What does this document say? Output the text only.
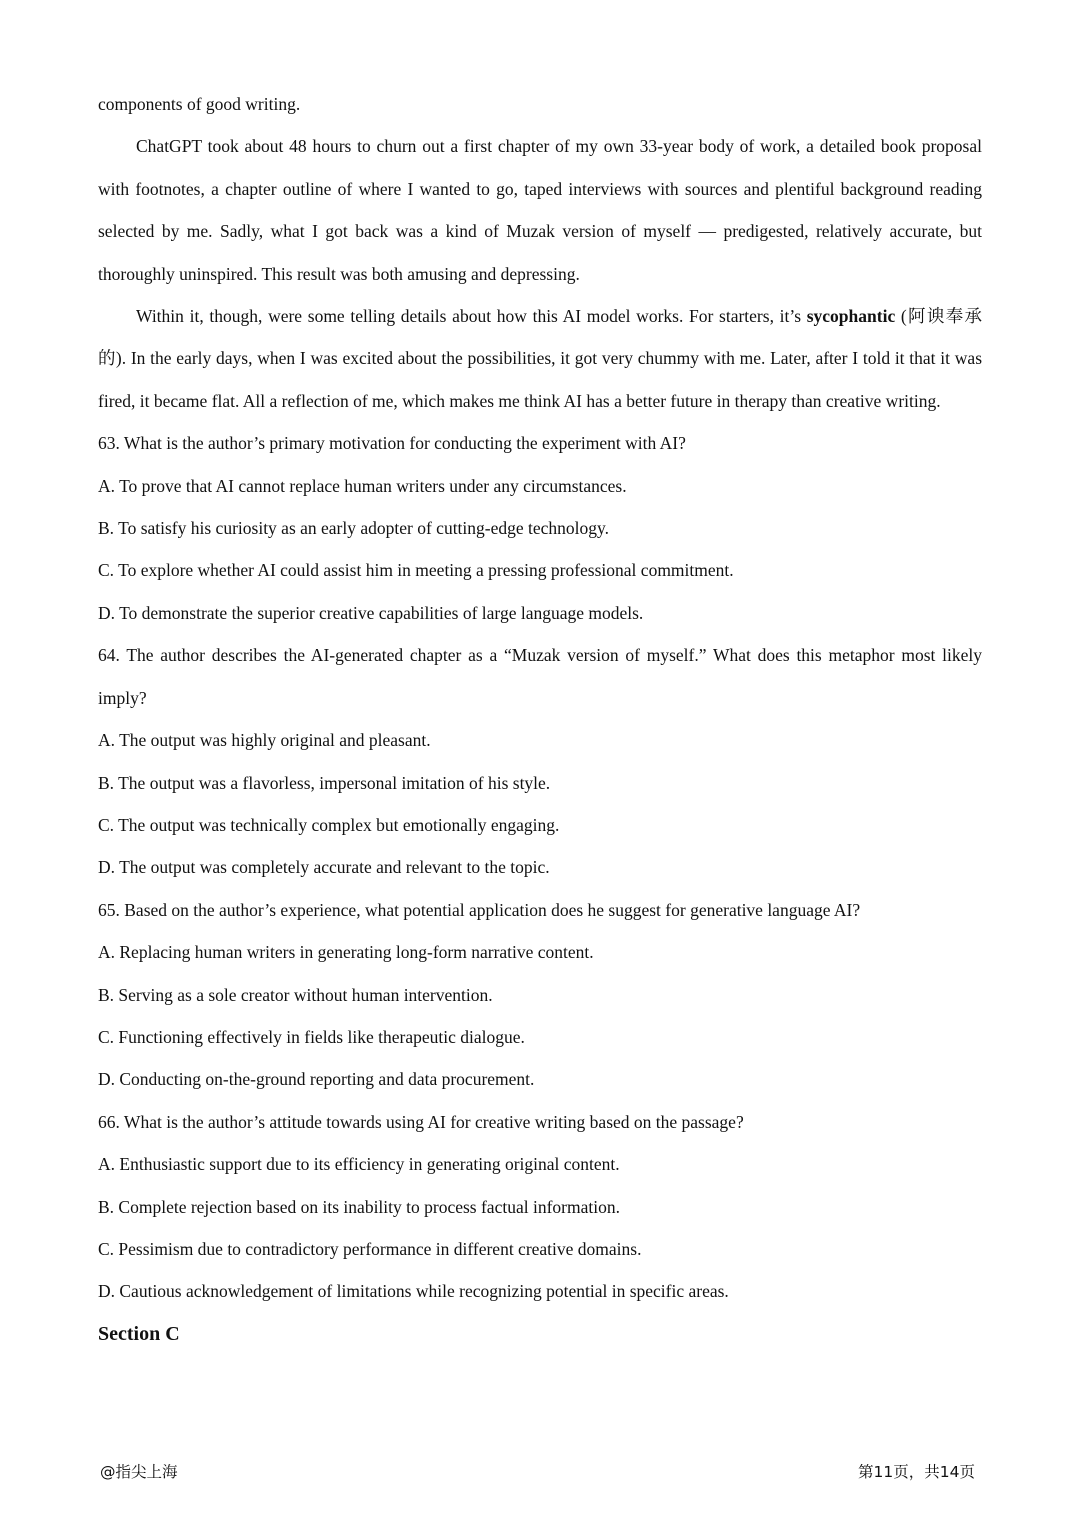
components of good writing.

ChatGPT took about 48 hours to churn out a first chapter of my own 33-year body of work, a detailed book proposal with footnotes, a chapter outline of where I wanted to go, taped interviews with sources and plentiful background reading selected by me. Sadly, what I got back was a kind of Muzak version of myself — predigested, relatively accurate, but thoroughly uninspired. This result was both amusing and depressing.

Within it, though, were some telling details about how this AI model works. For starters, it’s sycophantic (阿谀奉承的). In the early days, when I was excited about the possibilities, it got very chummy with me. Later, after I told it that it was fired, it became flat. All a reflection of me, which makes me think AI has a better future in therapy than creative writing.

63. What is the author’s primary motivation for conducting the experiment with AI?

A. To prove that AI cannot replace human writers under any circumstances.

B. To satisfy his curiosity as an early adopter of cutting-edge technology.

C. To explore whether AI could assist him in meeting a pressing professional commitment.

D. To demonstrate the superior creative capabilities of large language models.

64. The author describes the AI-generated chapter as a “Muzak version of myself.” What does this metaphor most likely imply?

A. The output was highly original and pleasant.

B. The output was a flavorless, impersonal imitation of his style.

C. The output was technically complex but emotionally engaging.

D. The output was completely accurate and relevant to the topic.

65. Based on the author’s experience, what potential application does he suggest for generative language AI?

A. Replacing human writers in generating long-form narrative content.

B. Serving as a sole creator without human intervention.

C. Functioning effectively in fields like therapeutic dialogue.

D. Conducting on-the-ground reporting and data procurement.

66. What is the author’s attitude towards using AI for creative writing based on the passage?

A. Enthusiastic support due to its efficiency in generating original content.

B. Complete rejection based on its inability to process factual information.

C. Pessimism due to contradictory performance in different creative domains.

D. Cautious acknowledgement of limitations while recognizing potential in specific areas.

Section C

@指尖上海	第11页，共14页
